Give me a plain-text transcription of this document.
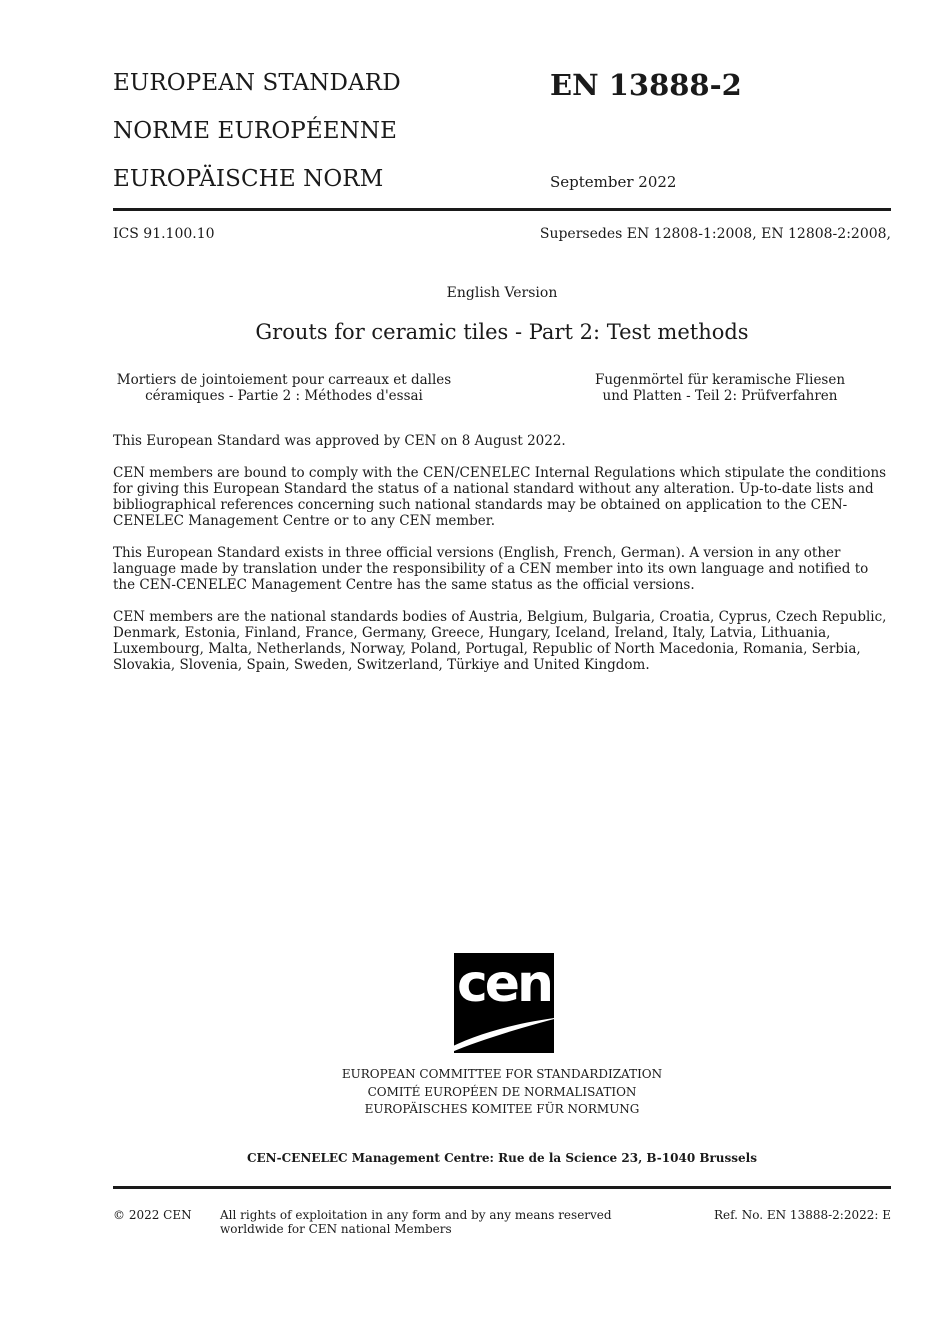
EUROPEAN STANDARD
NORME EUROPÉENNE
EUROPÄISCHE NORM
EN 13888-2
September 2022
ICS 91.100.10	Supersedes EN 12808-1:2008, EN 12808-2:2008,
English Version
Grouts for ceramic tiles - Part 2: Test methods
Mortiers de jointoiement pour carreaux et dalles céramiques - Partie 2 : Méthodes d'essai
Fugenmörtel für keramische Fliesen und Platten - Teil 2: Prüfverfahren
This European Standard was approved by CEN on 8 August 2022.
CEN members are bound to comply with the CEN/CENELEC Internal Regulations which stipulate the conditions for giving this European Standard the status of a national standard without any alteration. Up-to-date lists and bibliographical references concerning such national standards may be obtained on application to the CEN-CENELEC Management Centre or to any CEN member.
This European Standard exists in three official versions (English, French, German). A version in any other language made by translation under the responsibility of a CEN member into its own language and notified to the CEN-CENELEC Management Centre has the same status as the official versions.
CEN members are the national standards bodies of Austria, Belgium, Bulgaria, Croatia, Cyprus, Czech Republic, Denmark, Estonia, Finland, France, Germany, Greece, Hungary, Iceland, Ireland, Italy, Latvia, Lithuania, Luxembourg, Malta, Netherlands, Norway, Poland, Portugal, Republic of North Macedonia, Romania, Serbia, Slovakia, Slovenia, Spain, Sweden, Switzerland, Türkiye and United Kingdom.
cen
EUROPEAN COMMITTEE FOR STANDARDIZATION
COMITÉ EUROPÉEN DE NORMALISATION
EUROPÄISCHES KOMITEE FÜR NORMUNG
CEN-CENELEC Management Centre: Rue de la Science 23, B-1040 Brussels
© 2022 CEN All rights of exploitation in any form and by any means reserved
worldwide for CEN national Members
Ref. No. EN 13888-2:2022: E
